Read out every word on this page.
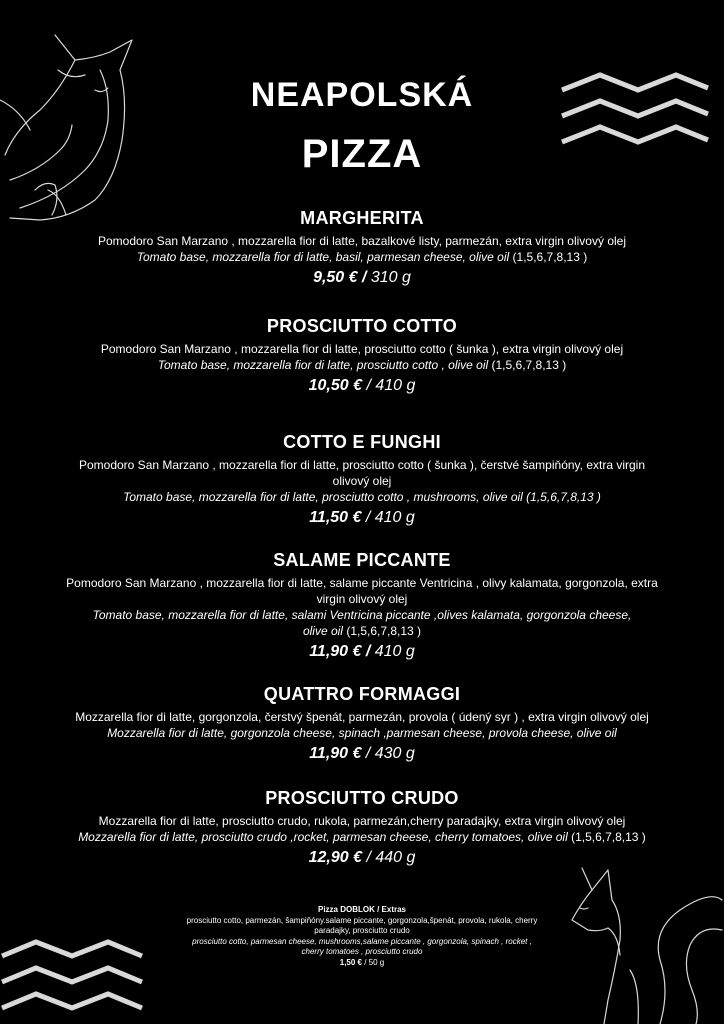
NEAPOLSKÁ
PIZZA
MARGHERITA
Pomodoro San Marzano , mozzarella fior di latte, bazalkové listy, parmezán, extra virgin olivový olej
Tomato base, mozzarella fior di latte, basil, parmesan cheese, olive oil (1,5,6,7,8,13 )
9,50 € / 310 g
PROSCIUTTO COTTO
Pomodoro San Marzano , mozzarella fior di latte, prosciutto cotto ( šunka ), extra virgin olivový olej
Tomato base, mozzarella fior di latte, prosciutto cotto , olive oil (1,5,6,7,8,13 )
10,50 € / 410 g
COTTO E FUNGHI
Pomodoro San Marzano , mozzarella fior di latte, prosciutto cotto ( šunka ), čerstvé šampiňóny, extra virgin olivový olej
Tomato base, mozzarella fior di latte, prosciutto cotto , mushrooms, olive oil (1,5,6,7,8,13 )
11,50 € / 410 g
SALAME PICCANTE
Pomodoro San Marzano , mozzarella fior di latte, salame piccante Ventricina , olivy kalamata, gorgonzola, extra virgin olivový olej
Tomato base, mozzarella fior di latte, salami Ventricina piccante ,olives kalamata, gorgonzola cheese, olive oil (1,5,6,7,8,13 )
11,90 € / 410 g
QUATTRO FORMAGGI
Mozzarella fior di latte, gorgonzola, čerstvý špenát, parmezán, provola ( údený syr ) , extra virgin olivový olej
Mozzarella fior di latte, gorgonzola cheese, spinach ,parmesan cheese, provola cheese, olive oil
11,90 € / 430 g
PROSCIUTTO CRUDO
Mozzarella fior di latte, prosciutto crudo, rukola, parmezán,cherry paradajky, extra virgin olivový olej
Mozzarella fior di latte, prosciutto crudo ,rocket, parmesan cheese, cherry tomatoes, olive oil (1,5,6,7,8,13 )
12,90 € / 440 g
Pizza DOBLOK / Extras
prosciutto cotto, parmezán, šampiňóny.salame piccante, gorgonzola,špenát, provola, rukola, cherry paradajky, prosciutto crudo
prosciutto cotto, parmesan cheese, mushrooms,salame piccante , gorgonzola, spinach , rocket , cherry tomatoes , prosciutto crudo
1,50 € / 50 g
